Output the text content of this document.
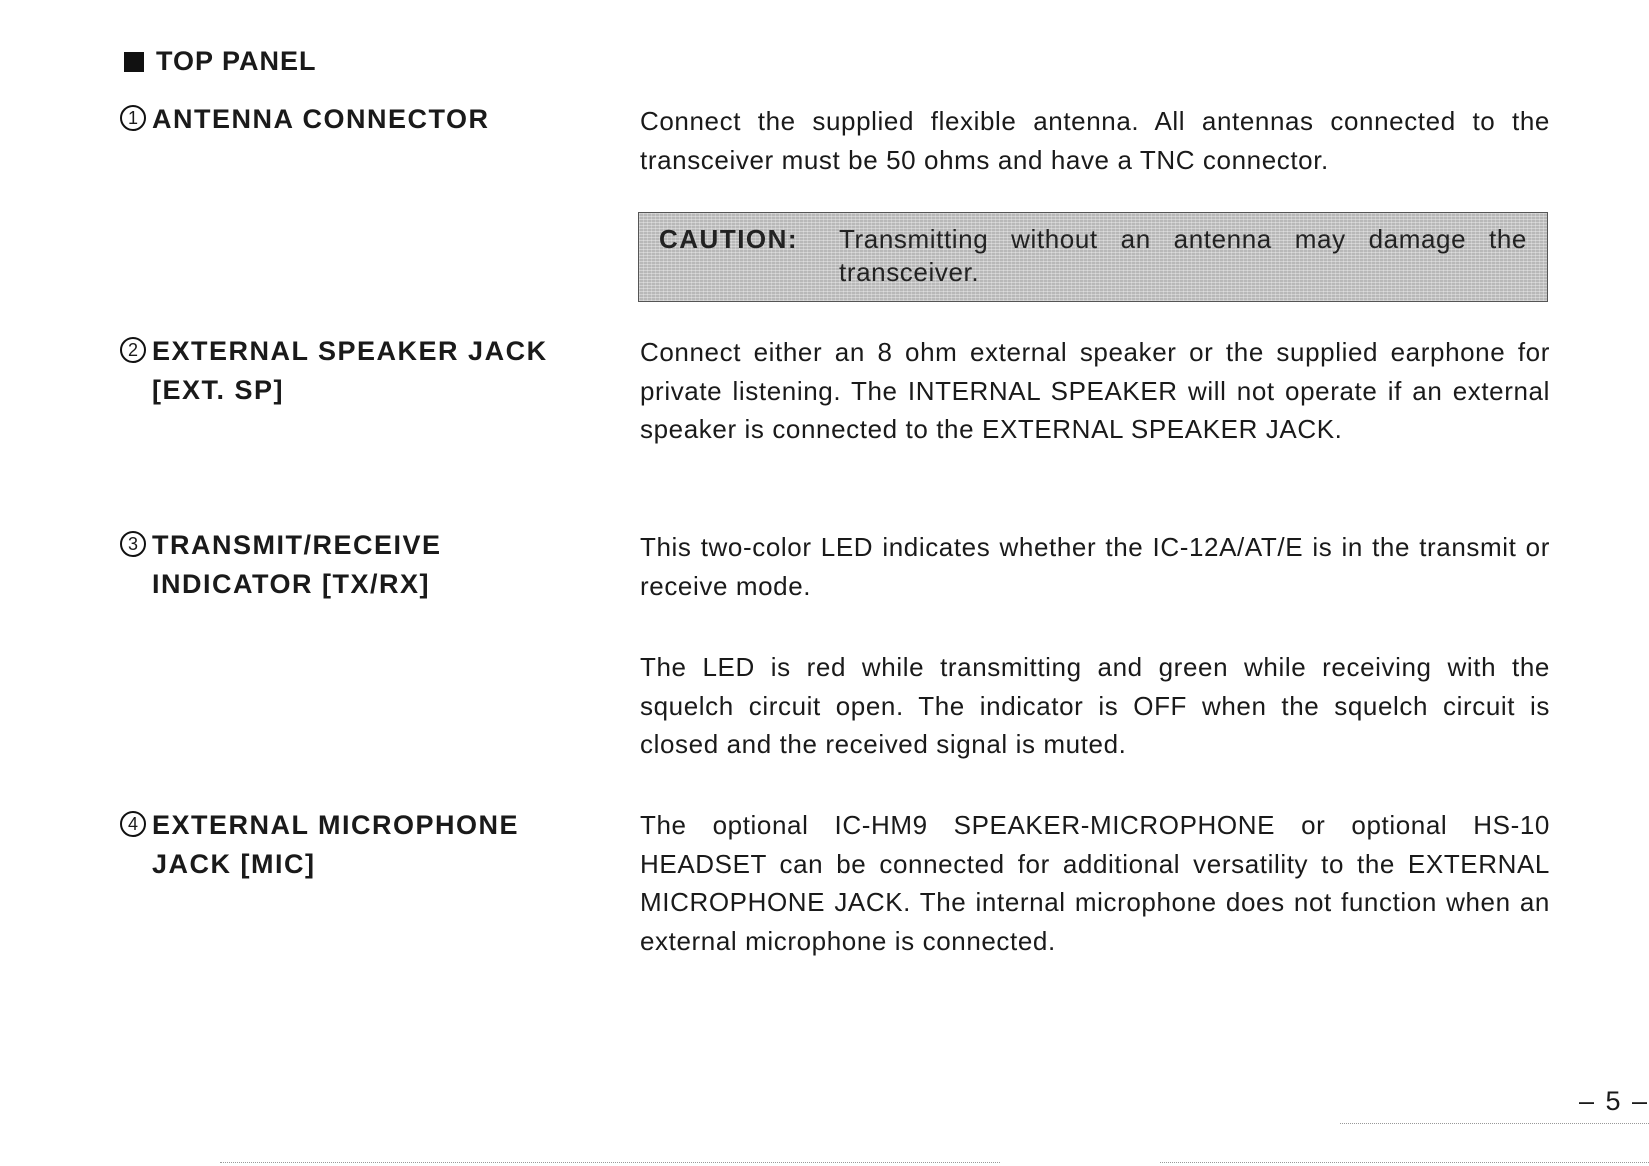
TOP PANEL
1 ANTENNA CONNECTOR	Connect the supplied flexible antenna. All antennas connected to the transceiver must be 50 ohms and have a TNC connector.

CAUTION:	Transmitting without an antenna may damage the transceiver.
2 EXTERNAL SPEAKER JACK
[EXT. SP]

Connect either an 8 ohm external speaker or the supplied earphone for private listening. The INTERNAL SPEAKER will not operate if an external speaker is connected to the EXTERNAL SPEAKER JACK.

3 TRANSMIT/RECEIVE
INDICATOR [TX/RX]

This two-color LED indicates whether the IC-12A/AT/E is in the transmit or receive mode.

The LED is red while transmitting and green while receiving with the squelch circuit open. The indicator is OFF when the squelch circuit is closed and the received signal is muted.

4 EXTERNAL MICROPHONE
JACK [MIC]

The optional IC-HM9 SPEAKER-MICROPHONE or optional HS-10 HEADSET can be connected for additional versatility to the EXTERNAL MICROPHONE JACK. The internal microphone does not function when an external microphone is connected.

– 5 –
